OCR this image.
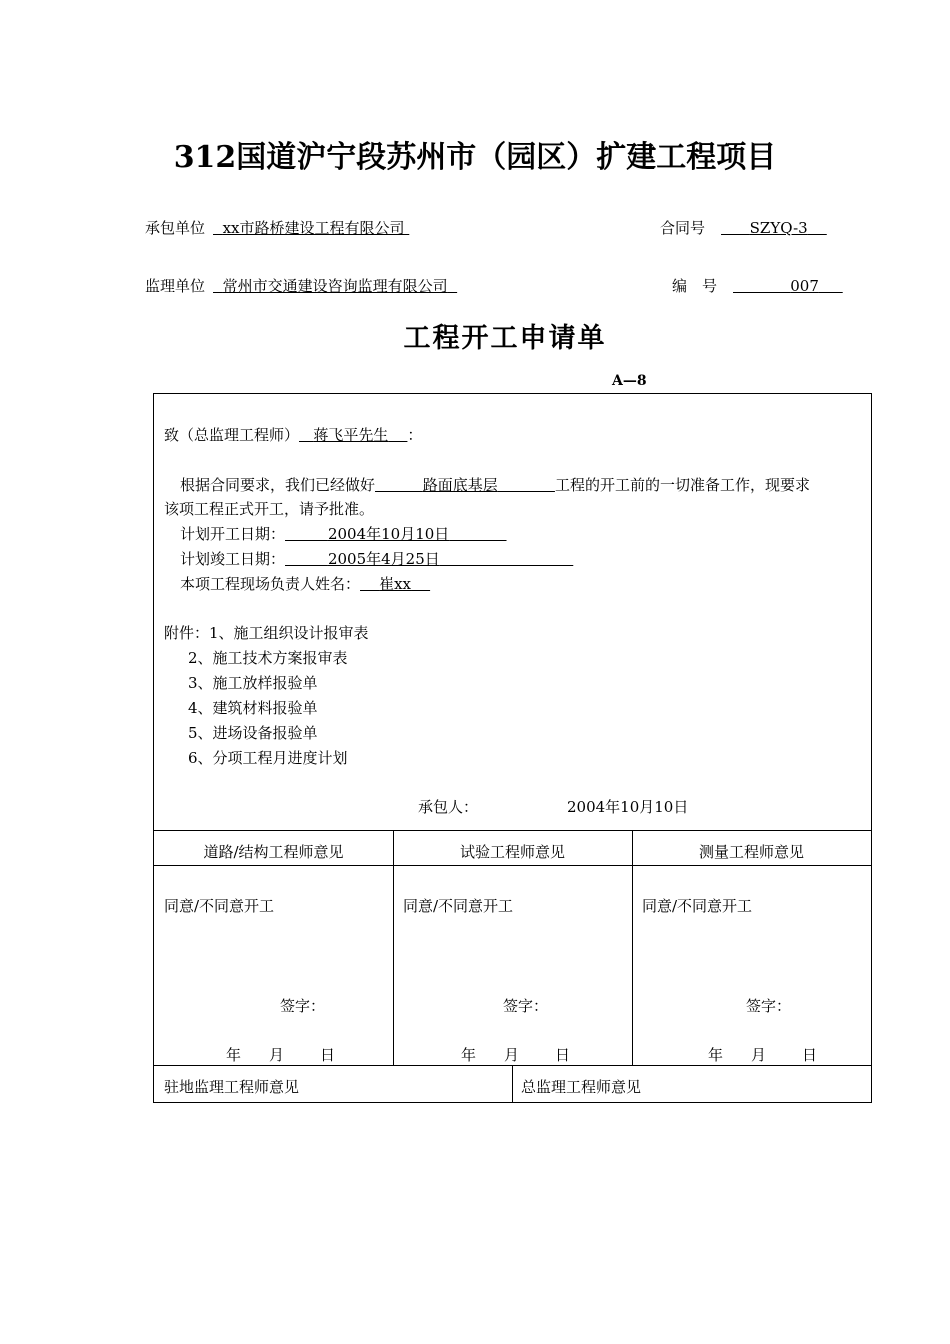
312国道沪宁段苏州市（园区）扩建工程项目
承包单位 xx市路桥建设工程有限公司	合同号	SZYQ-3
监理单位 常州市交通建设咨询监理有限公司	编　号	007
工程开工申请单
A—8
致（总监理工程师） 蒋飞平先生 ：
根据合同要求，我们已经做好	路面底基层	工程的开工前的一切准备工作，现要求
该项工程正式开工，请予批准。
计划开工日期：	2004年10月10日
计划竣工日期：	2005年4月25日
本项工程现场负责人姓名： 崔xx
附件：1、施工组织设计报审表
2、施工技术方案报审表
3、施工放样报验单
4、建筑材料报验单
5、进场设备报验单
6、分项工程月进度计划
承包人：	2004年10月10日
道路/结构工程师意见	试验工程师意见	测量工程师意见
同意/不同意开工	同意/不同意开工	同意/不同意开工
签字：	签字：	签字：
年 月 日	年 月 日	年 月 日
驻地监理工程师意见	总监理工程师意见
